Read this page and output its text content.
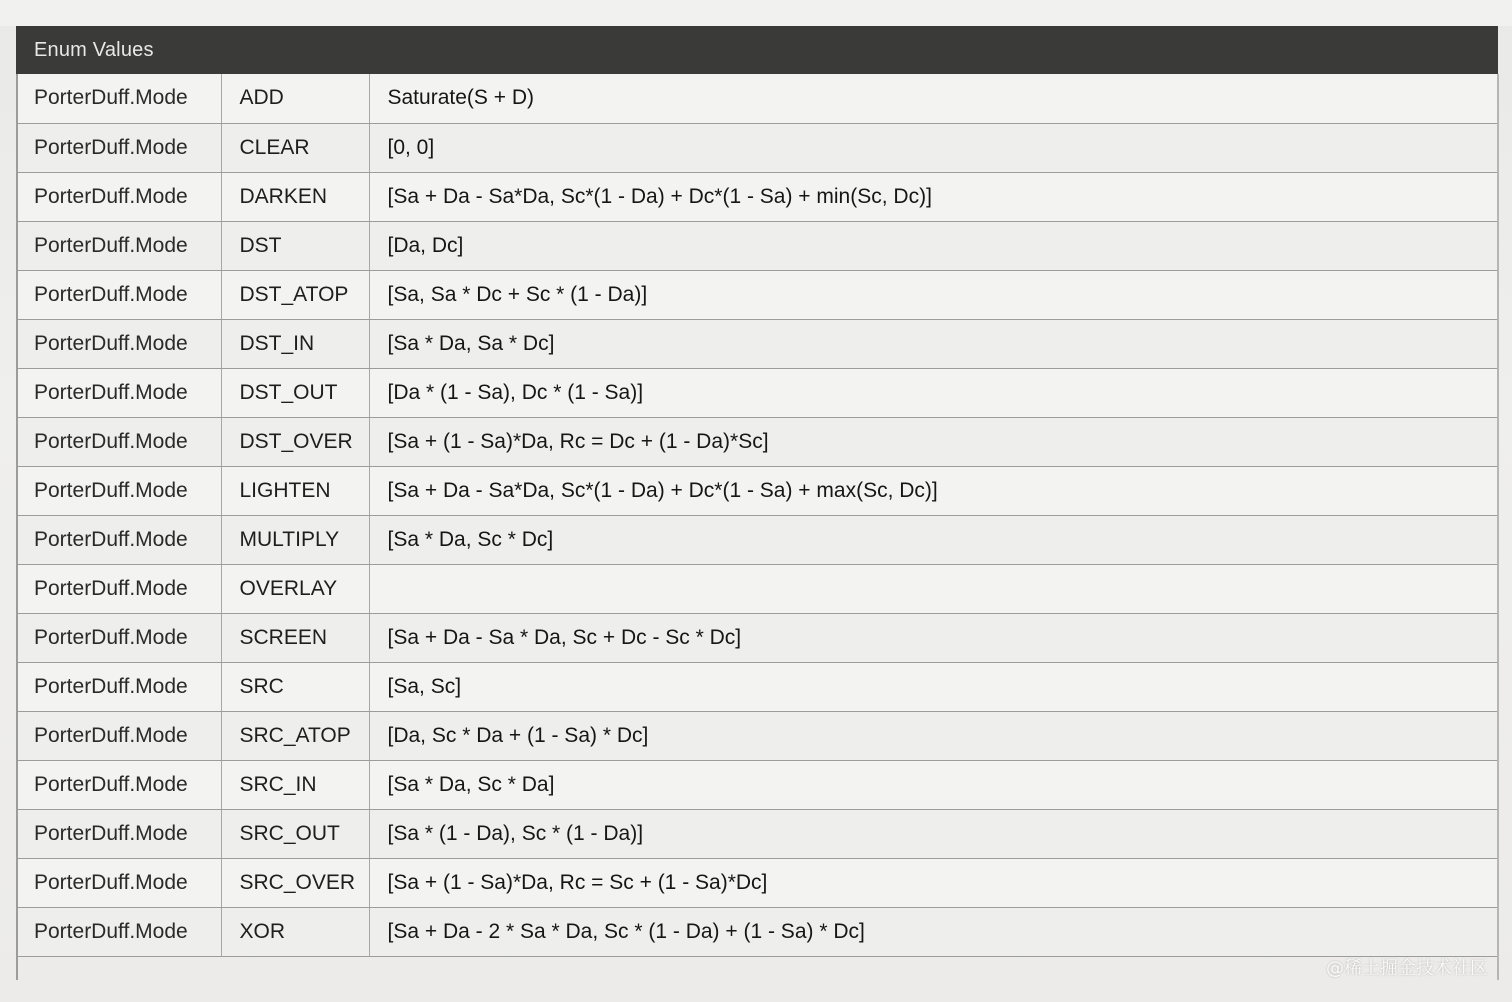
Enum Values		
PorterDuff.Mode	ADD	Saturate(S + D)
PorterDuff.Mode	CLEAR	[0, 0]
PorterDuff.Mode	DARKEN	[Sa + Da - Sa*Da, Sc*(1 - Da) + Dc*(1 - Sa) + min(Sc, Dc)]
PorterDuff.Mode	DST	[Da, Dc]
PorterDuff.Mode	DST_ATOP	[Sa, Sa * Dc + Sc * (1 - Da)]
PorterDuff.Mode	DST_IN	[Sa * Da, Sa * Dc]
PorterDuff.Mode	DST_OUT	[Da * (1 - Sa), Dc * (1 - Sa)]
PorterDuff.Mode	DST_OVER	[Sa + (1 - Sa)*Da, Rc = Dc + (1 - Da)*Sc]
PorterDuff.Mode	LIGHTEN	[Sa + Da - Sa*Da, Sc*(1 - Da) + Dc*(1 - Sa) + max(Sc, Dc)]
PorterDuff.Mode	MULTIPLY	[Sa * Da, Sc * Dc]
PorterDuff.Mode	OVERLAY	
PorterDuff.Mode	SCREEN	[Sa + Da - Sa * Da, Sc + Dc - Sc * Dc]
PorterDuff.Mode	SRC	[Sa, Sc]
PorterDuff.Mode	SRC_ATOP	[Da, Sc * Da + (1 - Sa) * Dc]
PorterDuff.Mode	SRC_IN	[Sa * Da, Sc * Da]
PorterDuff.Mode	SRC_OUT	[Sa * (1 - Da), Sc * (1 - Da)]
PorterDuff.Mode	SRC_OVER	[Sa + (1 - Sa)*Da, Rc = Sc + (1 - Sa)*Dc]
PorterDuff.Mode	XOR	[Sa + Da - 2 * Sa * Da, Sc * (1 - Da) + (1 - Sa) * Dc]
@稀土掘金技术社区
